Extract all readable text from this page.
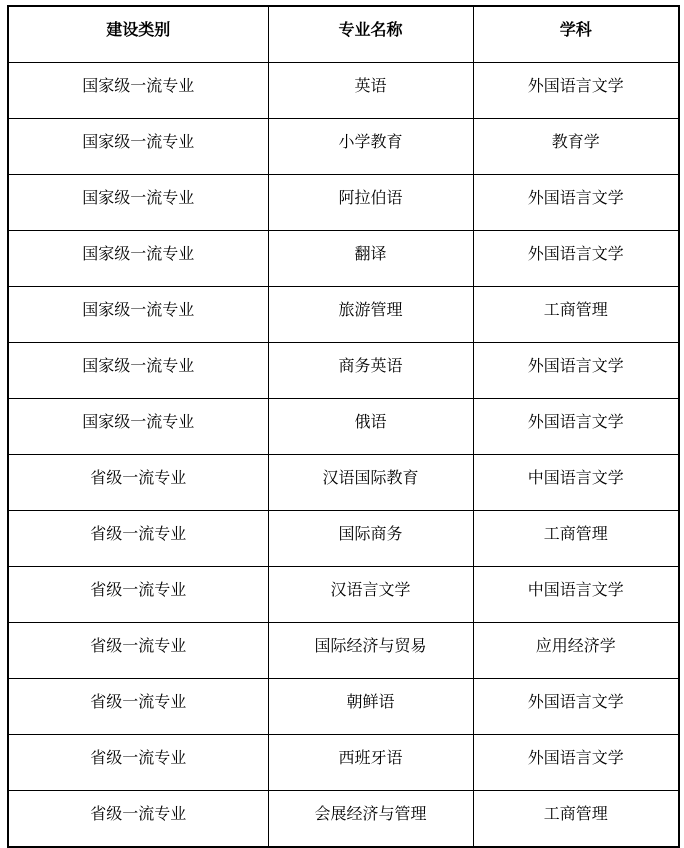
建设类别	专业名称	学科
国家级一流专业	英语	外国语言文学
国家级一流专业	小学教育	教育学
国家级一流专业	阿拉伯语	外国语言文学
国家级一流专业	翻译	外国语言文学
国家级一流专业	旅游管理	工商管理
国家级一流专业	商务英语	外国语言文学
国家级一流专业	俄语	外国语言文学
省级一流专业	汉语国际教育	中国语言文学
省级一流专业	国际商务	工商管理
省级一流专业	汉语言文学	中国语言文学
省级一流专业	国际经济与贸易	应用经济学
省级一流专业	朝鲜语	外国语言文学
省级一流专业	西班牙语	外国语言文学
省级一流专业	会展经济与管理	工商管理
